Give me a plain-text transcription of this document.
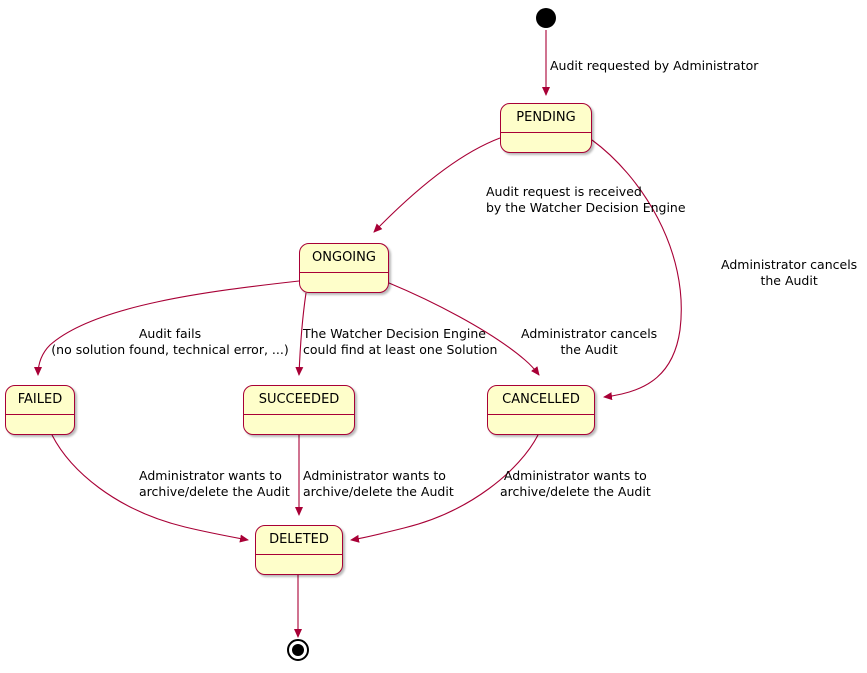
PENDING
ONGOING
FAILED	SUCCEEDED	CANCELLED
DELETED
Audit requested by Administrator
Audit request is received
by the Watcher Decision Engine
Administrator cancels
the Audit
Audit fails
(no solution found, technical error, ...)
The Watcher Decision Engine
could find at least one Solution
Administrator cancels
the Audit
Administrator wants to
archive/delete the Audit
Administrator wants to
archive/delete the Audit
Administrator wants to
archive/delete the Audit
